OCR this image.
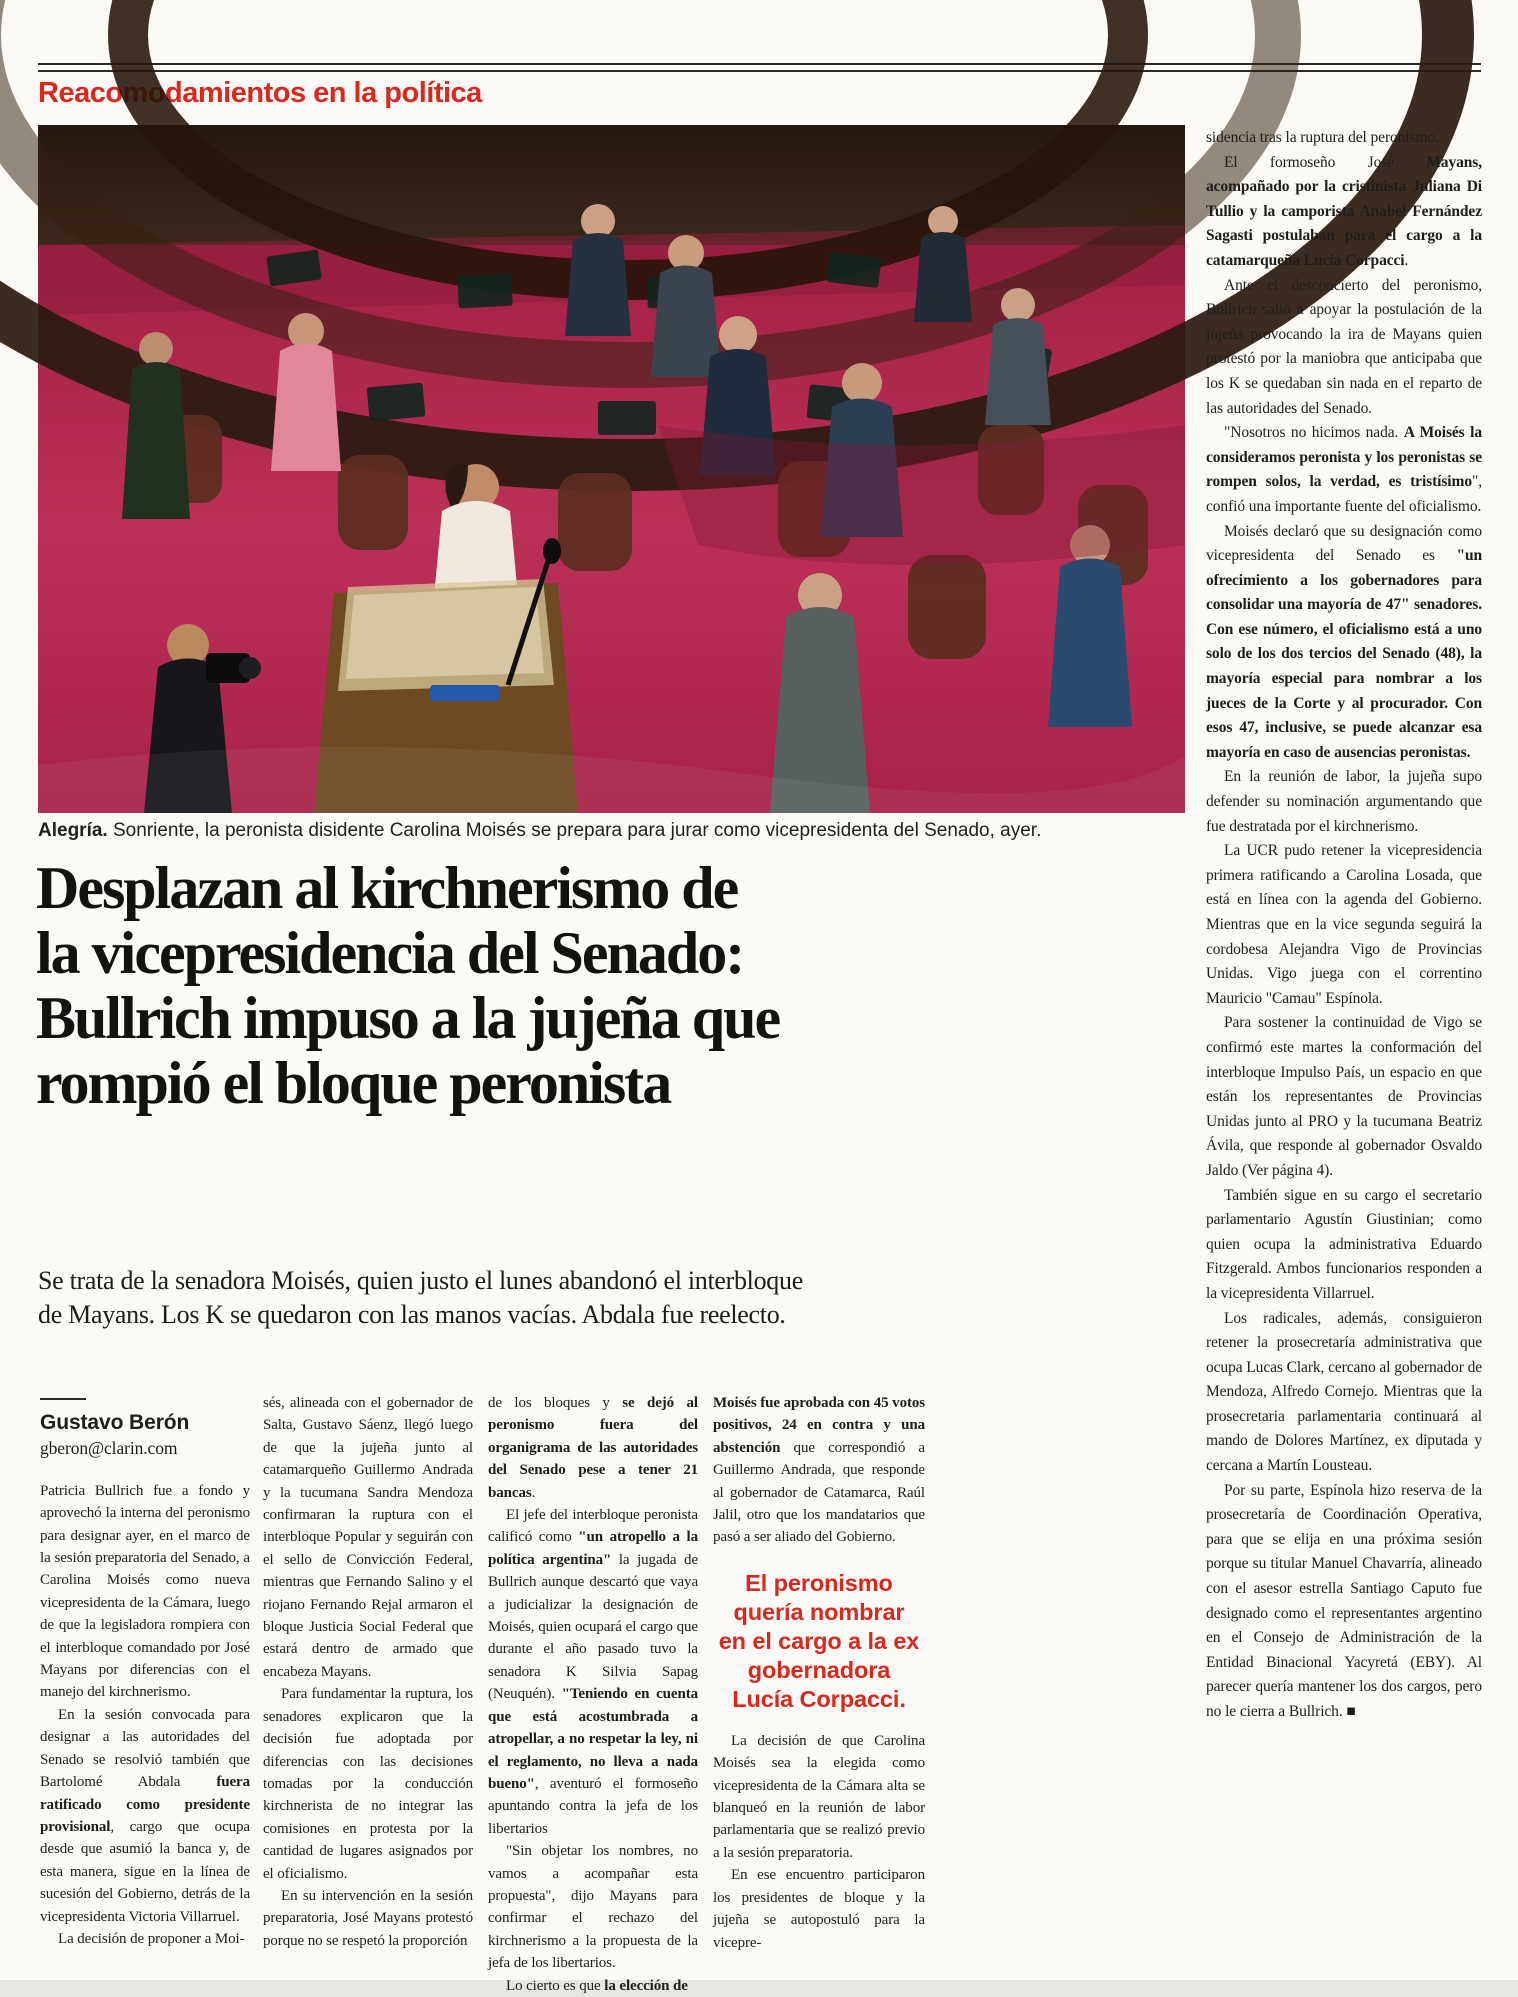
Reacomodamientos en la política
Alegría. Sonriente, la peronista disidente Carolina Moisés se prepara para jurar como vicepresidenta del Senado, ayer.
Desplazan al kirchnerismo de
la vicepresidencia del Senado:
Bullrich impuso a la jujeña que
rompió el bloque peronista
Se trata de la senadora Moisés, quien justo el lunes abandonó el interbloque
de Mayans. Los K se quedaron con las manos vacías. Abdala fue reelecto.

Gustavo Berón

gberon@clarin.com

Patricia Bullrich fue a fondo y aprovechó la interna del peronismo para designar ayer, en el marco de la sesión preparatoria del Senado, a Carolina Moisés como nueva vicepresidenta de la Cámara, luego de que la legisladora rompiera con el interbloque comandado por José Mayans por diferencias con el manejo del kirchnerismo.

En la sesión convocada para designar a las autoridades del Senado se resolvió también que Bartolomé Abdala fuera ratificado como presidente provisional, cargo que ocupa desde que asumió la banca y, de esta manera, sigue en la línea de sucesión del Gobierno, detrás de la vicepresidenta Victoria Villarruel.

La decisión de proponer a Moi-

sés, alineada con el gobernador de Salta, Gustavo Sáenz, llegó luego de que la jujeña junto al catamarqueño Guillermo Andrada y la tucumana Sandra Mendoza confirmaran la ruptura con el interbloque Popular y seguirán con el sello de Convicción Federal, mientras que Fernando Salino y el riojano Fernando Rejal armaron el bloque Justicia Social Federal que estará dentro de armado que encabeza Mayans.

Para fundamentar la ruptura, los senadores explicaron que la decisión fue adoptada por diferencias con las decisiones tomadas por la conducción kirchnerista de no integrar las comisiones en protesta por la cantidad de lugares asignados por el oficialismo.

En su intervención en la sesión preparatoria, José Mayans protestó porque no se respetó la proporción

de los bloques y se dejó al peronismo fuera del organigrama de las autoridades del Senado pese a tener 21 bancas.

El jefe del interbloque peronista calificó como "un atropello a la política argentina" la jugada de Bullrich aunque descartó que vaya a judicializar la designación de Moisés, quien ocupará el cargo que durante el año pasado tuvo la senadora K Silvia Sapag (Neuquén). "Teniendo en cuenta que está acostumbrada a atropellar, a no respetar la ley, ni el reglamento, no lleva a nada bueno", aventuró el formoseño apuntando contra la jefa de los libertarios

"Sin objetar los nombres, no vamos a acompañar esta propuesta", dijo Mayans para confirmar el rechazo del kirchnerismo a la propuesta de la jefa de los libertarios.

Lo cierto es que la elección de

Moisés fue aprobada con 45 votos positivos, 24 en contra y una abstención que correspondió a Guillermo Andrada, que responde al gobernador de Catamarca, Raúl Jalil, otro que los mandatarios que pasó a ser aliado del Gobierno.

El peronismo quería nombrar en el cargo a la ex gobernadora Lucía Corpacci.

La decisión de que Carolina Moisés sea la elegida como vicepresidenta de la Cámara alta se blanqueó en la reunión de labor parlamentaria que se realizó previo a la sesión preparatoria.

En ese encuentro participaron los presidentes de bloque y la jujeña se autopostuló para la vicepre-

sidencia tras la ruptura del peronismo.

El formoseño José Mayans, acompañado por la cristinista Juliana Di Tullio y la camporista Anabel Fernández Sagasti postulaban para el cargo a la catamarqueña Lucía Corpacci.

Ante el desconcierto del peronismo, Bullrich salió a apoyar la postulación de la jujeña provocando la ira de Mayans quien protestó por la maniobra que anticipaba que los K se quedaban sin nada en el reparto de las autoridades del Senado.

"Nosotros no hicimos nada. A Moisés la consideramos peronista y los peronistas se rompen solos, la verdad, es tristísimo", confió una importante fuente del oficialismo.

Moisés declaró que su designación como vicepresidenta del Senado es "un ofrecimiento a los gobernadores para consolidar una mayoría de 47" senadores. Con ese número, el oficialismo está a uno solo de los dos tercios del Senado (48), la mayoría especial para nombrar a los jueces de la Corte y al procurador. Con esos 47, inclusive, se puede alcanzar esa mayoría en caso de ausencias peronistas.

En la reunión de labor, la jujeña supo defender su nominación argumentando que fue destratada por el kirchnerismo.

La UCR pudo retener la vicepresidencia primera ratificando a Carolina Losada, que está en línea con la agenda del Gobierno. Mientras que en la vice segunda seguirá la cordobesa Alejandra Vigo de Provincias Unidas. Vigo juega con el correntino Mauricio "Camau" Espínola.

Para sostener la continuidad de Vigo se confirmó este martes la conformación del interbloque Impulso País, un espacio en que están los representantes de Provincias Unidas junto al PRO y la tucumana Beatriz Ávila, que responde al gobernador Osvaldo Jaldo (Ver página 4).

También sigue en su cargo el secretario parlamentario Agustín Giustinian; como quien ocupa la administrativa Eduardo Fitzgerald. Ambos funcionarios responden a la vicepresidenta Villarruel.

Los radicales, además, consiguieron retener la prosecretaría administrativa que ocupa Lucas Clark, cercano al gobernador de Mendoza, Alfredo Cornejo. Mientras que la prosecretaria parlamentaria continuará al mando de Dolores Martínez, ex diputada y cercana a Martín Lousteau.

Por su parte, Espínola hizo reserva de la prosecretaría de Coordinación Operativa, para que se elija en una próxima sesión porque su titular Manuel Chavarría, alineado con el asesor estrella Santiago Caputo fue designado como el representantes argentino en el Consejo de Administración de la Entidad Binacional Yacyretá (EBY). Al parecer quería mantener los dos cargos, pero no le cierra a Bullrich. ■
